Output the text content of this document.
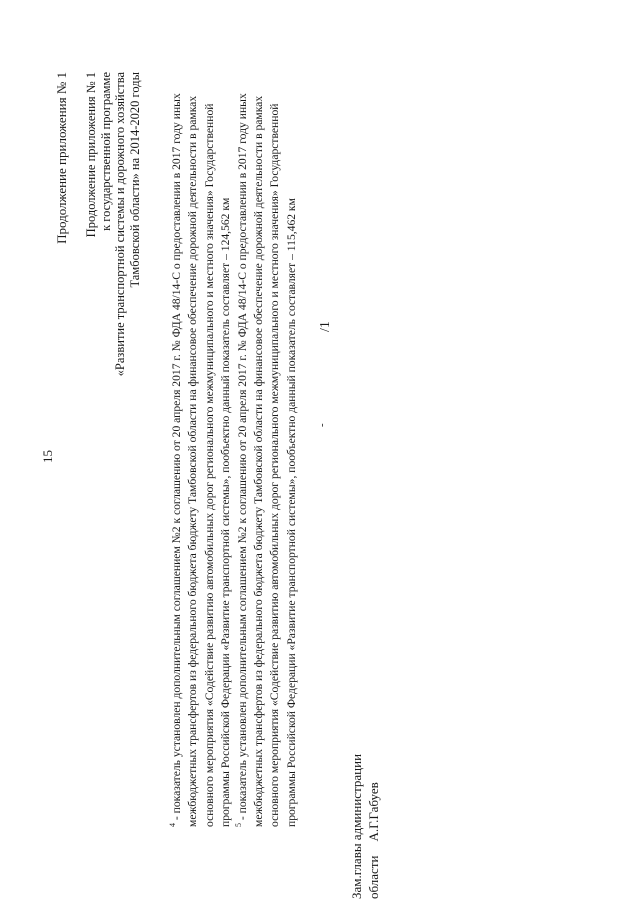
15
Продолжение приложения № 1 Продолжение приложения № 1 к государственной программе «Развитие транспортной системы и дорожного хозяйства Тамбовской области» на 2014-2020 годы

$^4$ - показатель установлен дополнительным соглашением №2 к соглашению от 20 апреля 2017 г. № ФДА 48/14-С о предоставлении в 2017 году иных межбюджетных трансфертов из федерального бюджета бюджету Тамбовской области на финансовое обеспечение дорожной деятельности в рамках основного мероприятия «Содействие развитию автомобильных дорог регионального межмуниципального и местного значения» Государственной программы Российской Федерации «Развитие транспортной системы», пообъектно данный показатель составляет – 124,562 км $^5$ - показатель установлен дополнительным соглашением №2 к соглашению от 20 апреля 2017 г. № ФДА 48/14-С о предоставлении в 2017 году иных межбюджетных трансфертов из федерального бюджета бюджету Тамбовской области на финансовое обеспечение дорожной деятельности в рамках основного мероприятия «Содействие развитию автомобильных дорог регионального межмуниципального и местного значения» Государственной программы Российской Федерации «Развитие транспортной системы», пообъектно данный показатель составляет – 115,462 км -
/1
Зам.главы администрации областиА.Г.Габуев
